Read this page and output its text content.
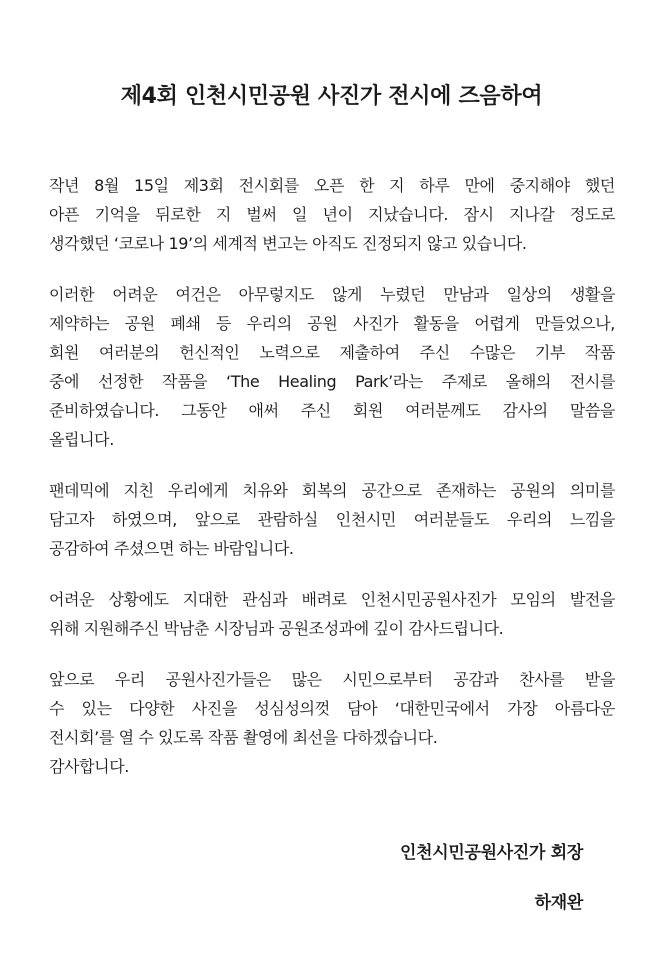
제4회 인천시민공원 사진가 전시에 즈음하여
작년 8월 15일 제3회 전시회를 오픈 한 지 하루 만에 중지해야 했던
아픈 기억을 뒤로한 지 벌써 일 년이 지났습니다. 잠시 지나갈 정도로
생각했던 ‘코로나 19’의 세계적 변고는 아직도 진정되지 않고 있습니다.
이러한 어려운 여건은 아무렇지도 않게 누렸던 만남과 일상의 생활을
제약하는 공원 폐쇄 등 우리의 공원 사진가 활동을 어렵게 만들었으나,
회원 여러분의 헌신적인 노력으로 제출하여 주신 수많은 기부 작품
중에 선정한 작품을 ‘The Healing Park’라는 주제로 올해의 전시를
준비하였습니다. 그동안 애써 주신 회원 여러분께도 감사의 말씀을
올립니다.
팬데믹에 지친 우리에게 치유와 회복의 공간으로 존재하는 공원의 의미를
담고자 하였으며, 앞으로 관람하실 인천시민 여러분들도 우리의 느낌을
공감하여 주셨으면 하는 바람입니다.
어려운 상황에도 지대한 관심과 배려로 인천시민공원사진가 모임의 발전을
위해 지원해주신 박남춘 시장님과 공원조성과에 깊이 감사드립니다.
앞으로 우리 공원사진가들은 많은 시민으로부터 공감과 찬사를 받을
수 있는 다양한 사진을 성심성의껏 담아 ‘대한민국에서 가장 아름다운
전시회’를 열 수 있도록 작품 촬영에 최선을 다하겠습니다.
감사합니다.
인천시민공원사진가 회장
하재완
